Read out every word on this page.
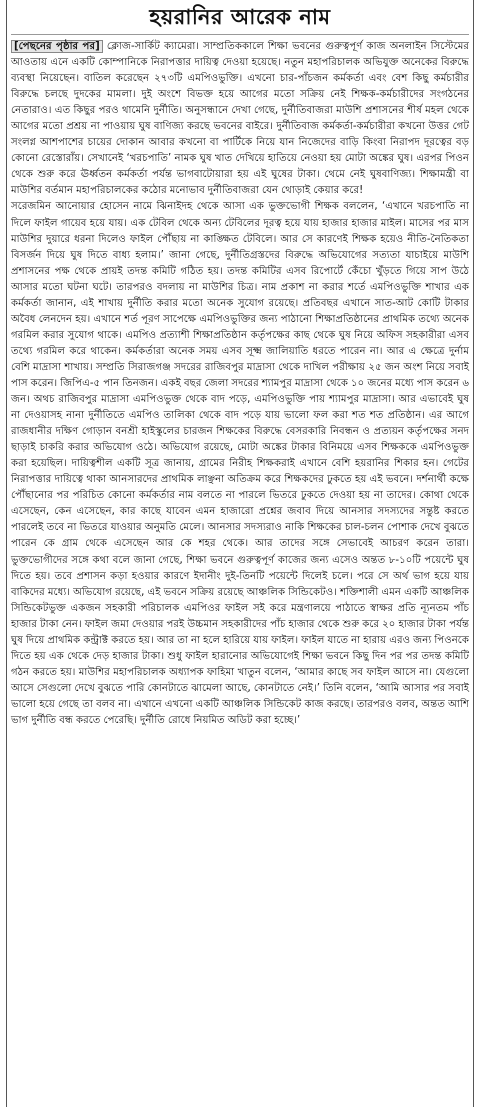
হয়রানির আরেক নাম

[পেছনের পৃষ্ঠার পর] ক্লোজ-সার্কিট ক্যামেরা। সাম্প্রতিককালে শিক্ষা ভবনের গুরুত্বপূর্ণ কাজ অনলাইন সিস্টেমের আওতায় এনে একটি কোম্পানিকে নিরাপত্তার দায়িত্ব দেওয়া হয়েছে। নতুন মহাপরিচালক অভিযুক্ত অনেকের বিরুদ্ধে ব্যবস্থা নিয়েছেন। বাতিল করেছেন ২৭৩টি এমপিওভুক্তি। এখনো চার-পাঁচজন কর্মকর্তা এবং বেশ কিছু কর্মচারীর বিরুদ্ধে চলছে দুদকের মামলা। দুই অংশে বিভক্ত হয়ে আগের মতো সক্রিয় নেই শিক্ষক-কর্মচারীদের সংগঠনের নেতারাও। এত কিছুর পরও থামেনি দুর্নীতি। অনুসন্ধানে দেখা গেছে, দুর্নীতিবাজরা মাউশি প্রশাসনের শীর্ষ মহল থেকে আগের মতো প্রশ্রয় না পাওয়ায় ঘুষ বাণিজ্য করছে ভবনের বাইরে। দুর্নীতিবাজ কর্মকর্তা-কর্মচারীরা কখনো উত্তর গেট সংলগ্ন আশপাশের চায়ের দোকান আবার কখনো বা পার্টিকে নিয়ে যান নিজেদের বাড়ি কিংবা নিরাপদ দূরত্বের বড় কোনো রেস্তোরাঁয়। সেখানেই ‘খরচপাতি’ নামক ঘুষ খাত দেখিয়ে হাতিয়ে নেওয়া হয় মোটা অঙ্কের ঘুষ। এরপর পিওন থেকে শুরু করে ঊর্ধ্বতন কর্মকর্তা পর্যন্ত ভাগবাটোয়ারা হয় এই ঘুষের টাকা। থেমে নেই ঘুষবাণিজ্য। শিক্ষামন্ত্রী বা মাউশির বর্তমান মহাপরিচালকের কঠোর মনোভাব দুর্নীতিবাজরা যেন থোড়াই কেয়ার করে!

সরেজমিন আনোয়ার হোসেন নামে ঝিনাইদহ থেকে আসা এক ভুক্তভোগী শিক্ষক বললেন, ‘এখানে খরচপাতি না দিলে ফাইল গায়েব হয়ে যায়। এক টেবিল থেকে অন্য টেবিলের দূরত্ব হয়ে যায় হাজার হাজার মাইল। মাসের পর মাস মাউশির দুয়ারে ধরনা দিলেও ফাইল পৌঁছায় না কাঙ্ক্ষিত টেবিলে। আর সে কারণেই শিক্ষক হয়েও নীতি-নৈতিকতা বিসর্জন দিয়ে ঘুষ দিতে বাধ্য হলাম।’ জানা গেছে, দুর্নীতিগ্রস্তদের বিরুদ্ধে অভিযোগের সত্যতা যাচাইয়ে মাউশি প্রশাসনের পক্ষ থেকে প্রায়ই তদন্ত কমিটি গঠিত হয়। তদন্ত কমিটির এসব রিপোর্টে কেঁচো খুঁড়তে গিয়ে সাপ উঠে আসার মতো ঘটনা ঘটে। তারপরও বদলায় না মাউশির চিত্র। নাম প্রকাশ না করার শর্তে এমপিওভুক্তি শাখার এক কর্মকর্তা জানান, এই শাখায় দুর্নীতি করার মতো অনেক সুযোগ রয়েছে। প্রতিবছর এখানে সাত-আট কোটি টাকার অবৈধ লেনদেন হয়। এখানে শর্ত পূরণ সাপেক্ষে এমপিওভুক্তির জন্য পাঠানো শিক্ষাপ্রতিষ্ঠানের প্রাথমিক তথ্যে অনেক গরমিল করার সুযোগ থাকে। এমপিও প্রত্যাশী শিক্ষাপ্রতিষ্ঠান কর্তৃপক্ষের কাছ থেকে ঘুষ নিয়ে অফিস সহকারীরা এসব তথ্যে গরমিল করে থাকেন। কর্মকর্তারা অনেক সময় এসব সূক্ষ্ম জালিয়াতি ধরতে পারেন না। আর এ ক্ষেত্রে দুর্নাম বেশি মাদ্রাসা শাখায়। সম্প্রতি সিরাজগঞ্জ সদরের রাজিবপুর মাদ্রাসা থেকে দাখিল পরীক্ষায় ২৫ জন অংশ নিয়ে সবাই পাস করেন। জিপিএ-৫ পান তিনজন। একই বছর জেলা সদরের শ্যামপুর মাদ্রাসা থেকে ১০ জনের মধ্যে পাস করেন ৬ জন। অথচ রাজিবপুর মাদ্রাসা এমপিওভুক্ত থেকে বাদ পড়ে, এমপিওভুক্তি পায় শ্যামপুর মাদ্রাসা। আর এভাবেই ঘুষ না দেওয়াসহ নানা দুর্নীতিতে এমপিও তালিকা থেকে বাদ পড়ে যায় ভালো ফল করা শত শত প্রতিষ্ঠান। এর আগে রাজধানীর দক্ষিণ গোড়ান বনশ্রী হাইস্কুলের চারজন শিক্ষকের বিরুদ্ধে বেসরকারি নিবন্ধন ও প্রত্যয়ন কর্তৃপক্ষের সনদ ছাড়াই চাকরি করার অভিযোগ ওঠে। অভিযোগ রয়েছে, মোটা অঙ্কের টাকার বিনিময়ে এসব শিক্ষককে এমপিওভুক্ত করা হয়েছিল। দায়িত্বশীল একটি সূত্র জানায়, গ্রামের নিরীহ শিক্ষকরাই এখানে বেশি হয়রানির শিকার হন। গেটের নিরাপত্তার দায়িত্বে থাকা আনসারদের প্রাথমিক লাঞ্ছনা অতিক্রম করে শিক্ষকদের ঢুকতে হয় এই ভবনে। দর্শনার্থী কক্ষে পৌঁছানোর পর পরিচিত কোনো কর্মকর্তার নাম বলতে না পারলে ভিতরে ঢুকতে দেওয়া হয় না তাদের। কোথা থেকে এসেছেন, কেন এসেছেন, কার কাছে যাবেন এমন হাজারো প্রশ্নের জবাব দিয়ে আনসার সদস্যদের সন্তুষ্ট করতে পারলেই তবে না ভিতরে যাওয়ার অনুমতি মেলে। আনসার সদস্যরাও নাকি শিক্ষকের চাল-চলন পোশাক দেখে বুঝতে পারেন কে গ্রাম থেকে এসেছেন আর কে শহর থেকে। আর তাদের সঙ্গে সেভাবেই আচরণ করেন তারা। ভুক্তভোগীদের সঙ্গে কথা বলে জানা গেছে, শিক্ষা ভবনে গুরুত্বপূর্ণ কাজের জন্য এসেও অন্তত ৮-১০টি পয়েন্টে ঘুষ দিতে হয়। তবে প্রশাসন কড়া হওয়ার কারণে ইদানীং দুই-তিনটি পয়েন্টে দিলেই চলে। পরে সে অর্থ ভাগ হয়ে যায় বাকিদের মধ্যে। অভিযোগ রয়েছে, এই ভবনে সক্রিয় রয়েছে আঞ্চলিক সিন্ডিকেটও। শক্তিশালী এমন একটি আঞ্চলিক সিন্ডিকেটভুক্ত একজন সহকারী পরিচালক এমপিওর ফাইল সই করে মন্ত্রণালয়ে পাঠাতে স্বাক্ষর প্রতি ন্যূনতম পাঁচ হাজার টাকা নেন। ফাইল জমা দেওয়ার পরই উচ্চমান সহকারীদের পাঁচ হাজার থেকে শুরু করে ২০ হাজার টাকা পর্যন্ত ঘুষ দিয়ে প্রাথমিক কন্ট্রাক্ট করতে হয়। আর তা না হলে হারিয়ে যায় ফাইল। ফাইল যাতে না হারায় এরও জন্য পিওনকে দিতে হয় এক থেকে দেড় হাজার টাকা। শুধু ফাইল হারানোর অভিযোগেই শিক্ষা ভবনে কিছু দিন পর পর তদন্ত কমিটি গঠন করতে হয়। মাউশির মহাপরিচালক অধ্যাপক ফাহিমা খাতুন বলেন, ‘আমার কাছে সব ফাইল আসে না। যেগুলো আসে সেগুলো দেখে বুঝতে পারি কোনটাতে ঝামেলা আছে, কোনটাতে নেই।’ তিনি বলেন, ‘আমি আসার পর সবাই ভালো হয়ে গেছে তা বলব না। এখানে এখনো একটি আঞ্চলিক সিন্ডিকেট কাজ করছে। তারপরও বলব, অন্তত আশি ভাগ দুর্নীতি বন্ধ করতে পেরেছি। দুর্নীতি রোধে নিয়মিত অডিট করা হচ্ছে।’
